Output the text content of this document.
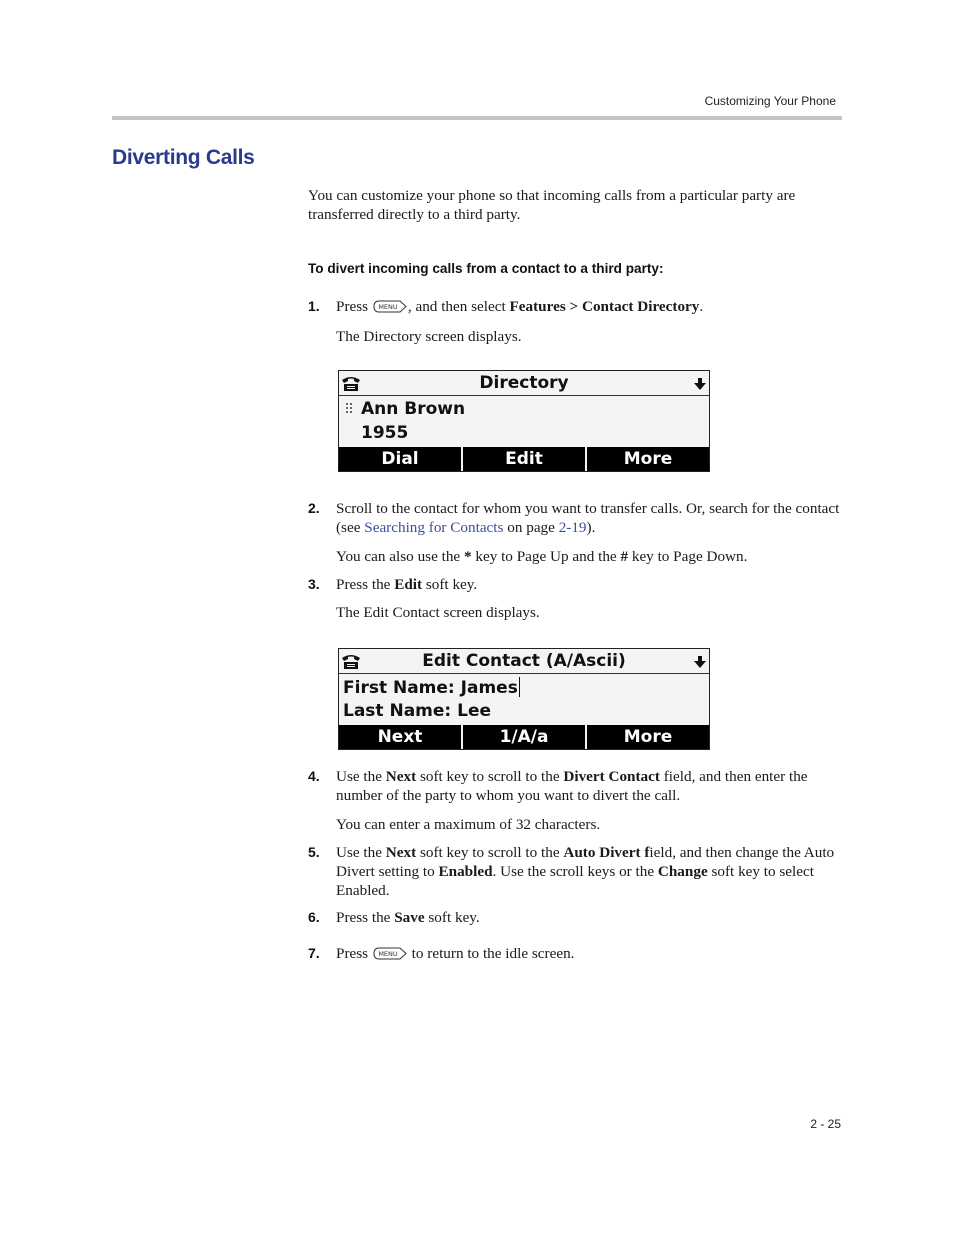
Customizing Your Phone
Diverting Calls
You can customize your phone so that incoming calls from a particular party are transferred directly to a third party.
To divert incoming calls from a contact to a third party:
1. Press MENU , and then select Features > Contact Directory.
The Directory screen displays.
Directory
Ann Brown
1955
Dial	Edit	More
2. Scroll to the contact for whom you want to transfer calls. Or, search for the contact (see Searching for Contacts on page 2-19).
You can also use the * key to Page Up and the # key to Page Down.
3. Press the Edit soft key.
The Edit Contact screen displays.
Edit Contact (A/Ascii)
First Name: James
Last Name: Lee
Next	1/A/a	More
4. Use the Next soft key to scroll to the Divert Contact field, and then enter the number of the party to whom you want to divert the call.
You can enter a maximum of 32 characters.
5. Use the Next soft key to scroll to the Auto Divert field, and then change the Auto Divert setting to Enabled. Use the scroll keys or the Change soft key to select Enabled.
6. Press the Save soft key.
7. Press MENU to return to the idle screen.
2 - 25
